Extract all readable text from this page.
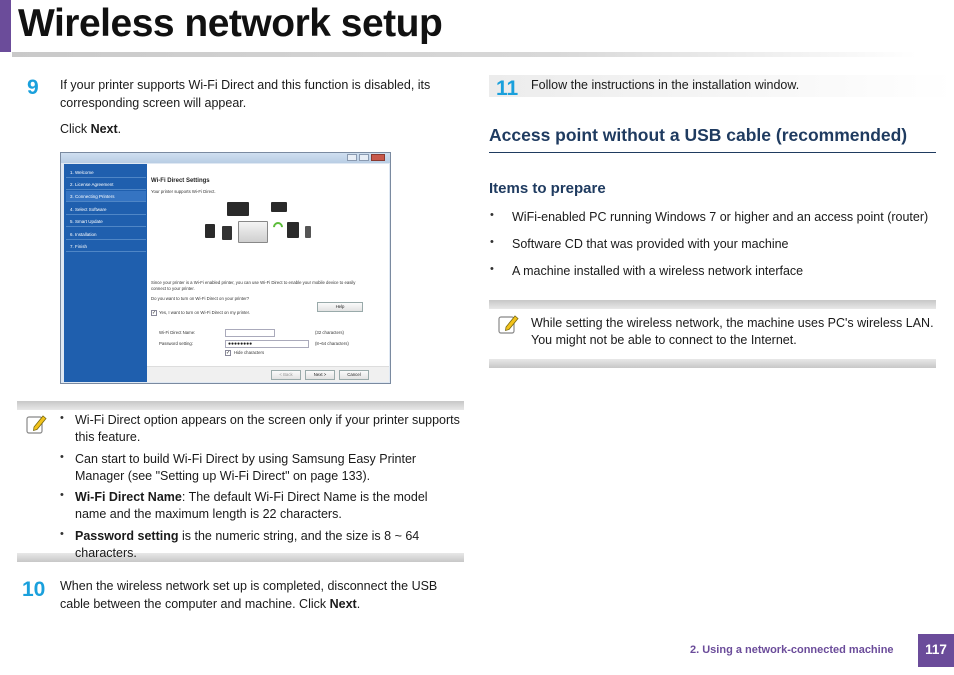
Wireless network setup
9 If your printer supports Wi-Fi Direct and this function is disabled, its corresponding screen will appear.
Click Next.
1. Welcome
2. License Agreement
3. Connecting Printers
4. Select Software
5. Smart Update
6. Installation
7. Finish
Wi-Fi Direct Settings
Your printer supports Wi-Fi Direct.
Since your printer is a Wi-Fi enabled printer, you can use Wi-Fi Direct to enable your mobile device to easily connect to your printer.
Do you want to turn on Wi-Fi Direct on your printer?
Help
✓ Yes, I want to turn on Wi-Fi Direct on my printer.
Wi-Fi Direct Name:	(32 characters)
Password setting:	●●●●●●●●	(8~64 characters)
✓ Hide characters
< Back	Next >	Cancel
• Wi-Fi Direct option appears on the screen only if your printer supports this feature.
• Can start to build Wi-Fi Direct by using Samsung Easy Printer Manager (see "Setting up Wi-Fi Direct" on page 133).
• Wi-Fi Direct Name: The default Wi-Fi Direct Name is the model name and the maximum length is 22 characters.
• Password setting is the numeric string, and the size is 8 ~ 64 characters.
10 When the wireless network set up is completed, disconnect the USB cable between the computer and machine. Click Next.
11 Follow the instructions in the installation window.
Access point without a USB cable (recommended)
Items to prepare
• WiFi-enabled PC running Windows 7 or higher and an access point (router)
• Software CD that was provided with your machine
• A machine installed with a wireless network interface
While setting the wireless network, the machine uses PC's wireless LAN. You might not be able to connect to the Internet.
2. Using a network-connected machine	117
